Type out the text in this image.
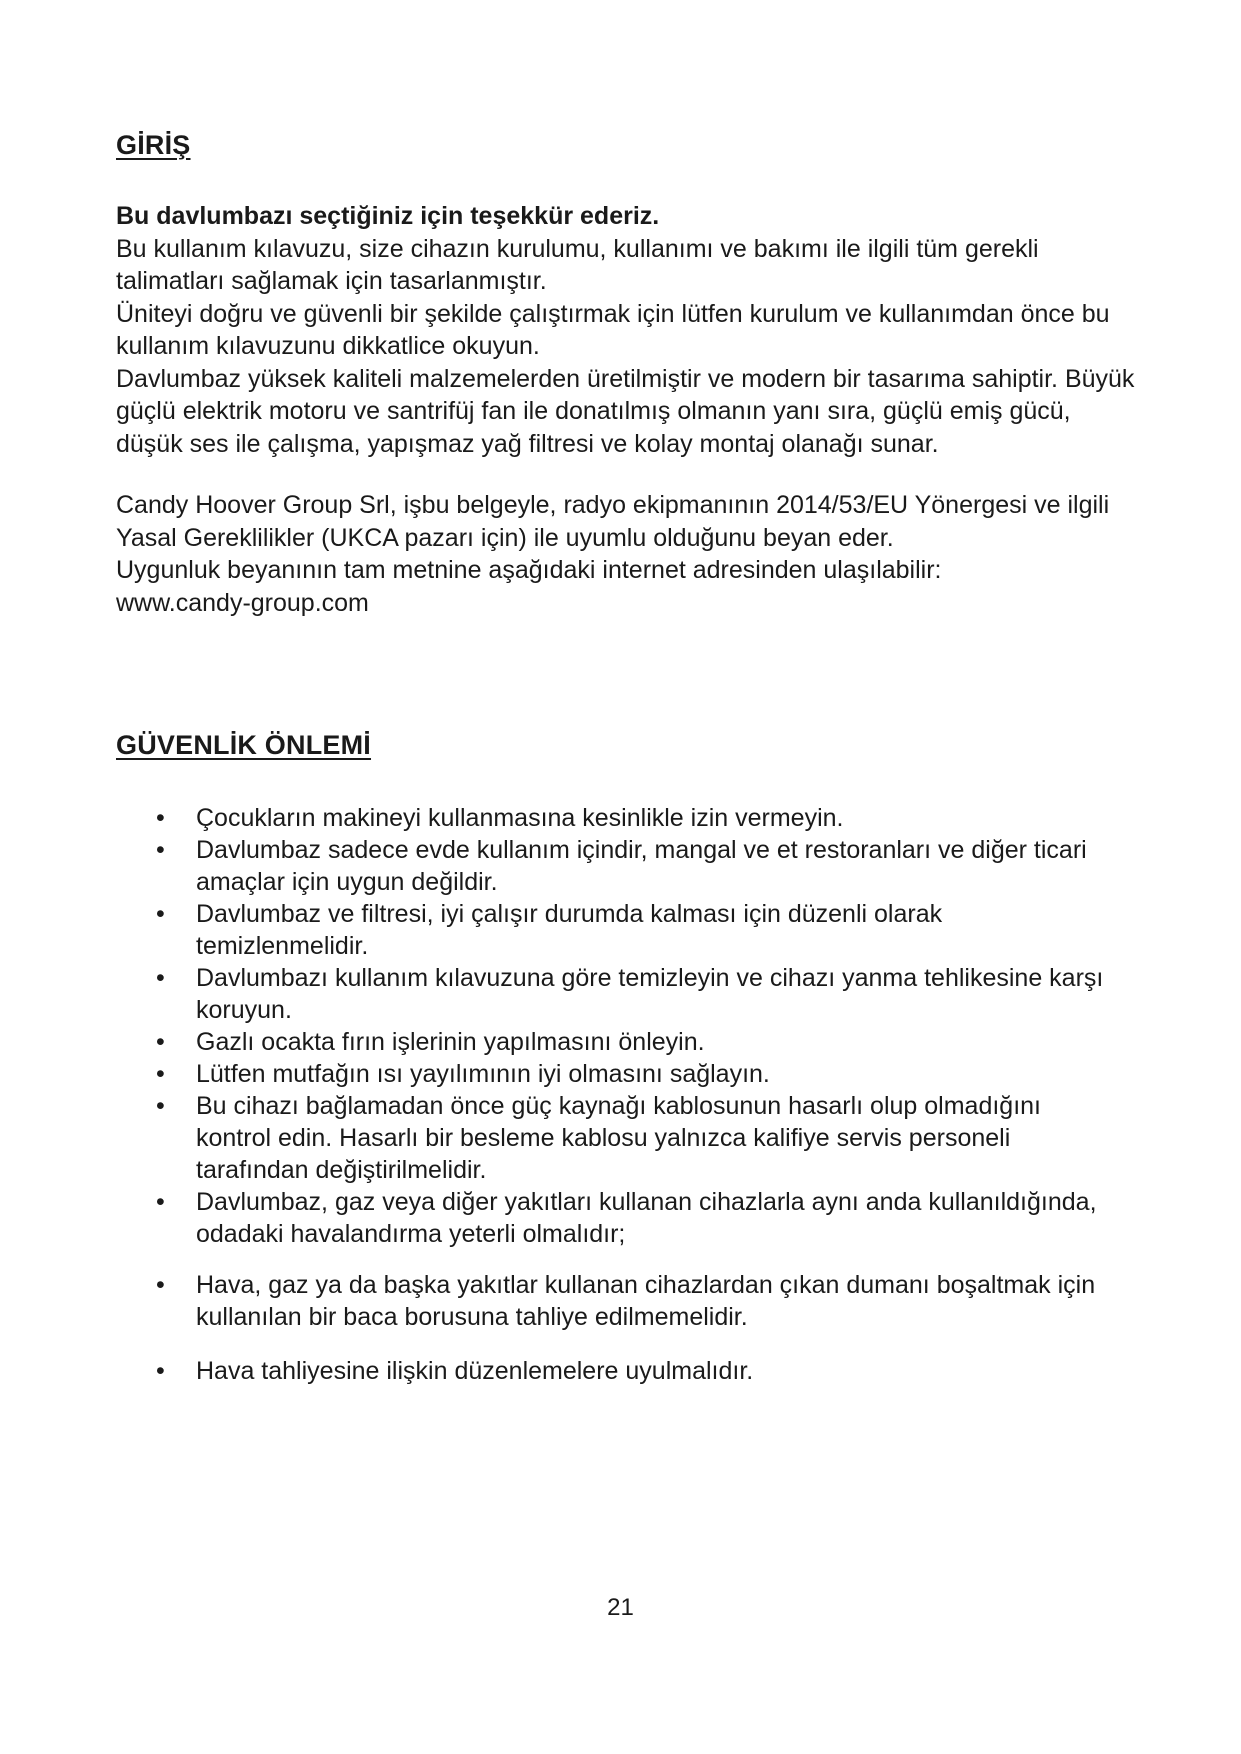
GİRİŞ

Bu davlumbazı seçtiğiniz için teşekkür ederiz.

Bu kullanım kılavuzu, size cihazın kurulumu, kullanımı ve bakımı ile ilgili tüm gerekli talimatları sağlamak için tasarlanmıştır.

Üniteyi doğru ve güvenli bir şekilde çalıştırmak için lütfen kurulum ve kullanımdan önce bu kullanım kılavuzunu dikkatlice okuyun.

Davlumbaz yüksek kaliteli malzemelerden üretilmiştir ve modern bir tasarıma sahiptir. Büyük güçlü elektrik motoru ve santrifüj fan ile donatılmış olmanın yanı sıra, güçlü emiş gücü, düşük ses ile çalışma, yapışmaz yağ filtresi ve kolay montaj olanağı sunar.

Candy Hoover Group Srl, işbu belgeyle, radyo ekipmanının 2014/53/EU Yönergesi ve ilgili Yasal Gereklilikler (UKCA pazarı için) ile uyumlu olduğunu beyan eder.

Uygunluk beyanının tam metnine aşağıdaki internet adresinden ulaşılabilir:

www.candy-group.com

GÜVENLİK ÖNLEMİ
• Çocukların makineyi kullanmasına kesinlikle izin vermeyin.
• Davlumbaz sadece evde kullanım içindir, mangal ve et restoranları ve diğer ticari amaçlar için uygun değildir.
• Davlumbaz ve filtresi, iyi çalışır durumda kalması için düzenli olarak temizlenmelidir.
• Davlumbazı kullanım kılavuzuna göre temizleyin ve cihazı yanma tehlikesine karşı koruyun.
• Gazlı ocakta fırın işlerinin yapılmasını önleyin.
• Lütfen mutfağın ısı yayılımının iyi olmasını sağlayın.
• Bu cihazı bağlamadan önce güç kaynağı kablosunun hasarlı olup olmadığını kontrol edin. Hasarlı bir besleme kablosu yalnızca kalifiye servis personeli tarafından değiştirilmelidir.
• Davlumbaz, gaz veya diğer yakıtları kullanan cihazlarla aynı anda kullanıldığında, odadaki havalandırma yeterli olmalıdır;
• Hava, gaz ya da başka yakıtlar kullanan cihazlardan çıkan dumanı boşaltmak için kullanılan bir baca borusuna tahliye edilmemelidir.
• Hava tahliyesine ilişkin düzenlemelere uyulmalıdır.
21
